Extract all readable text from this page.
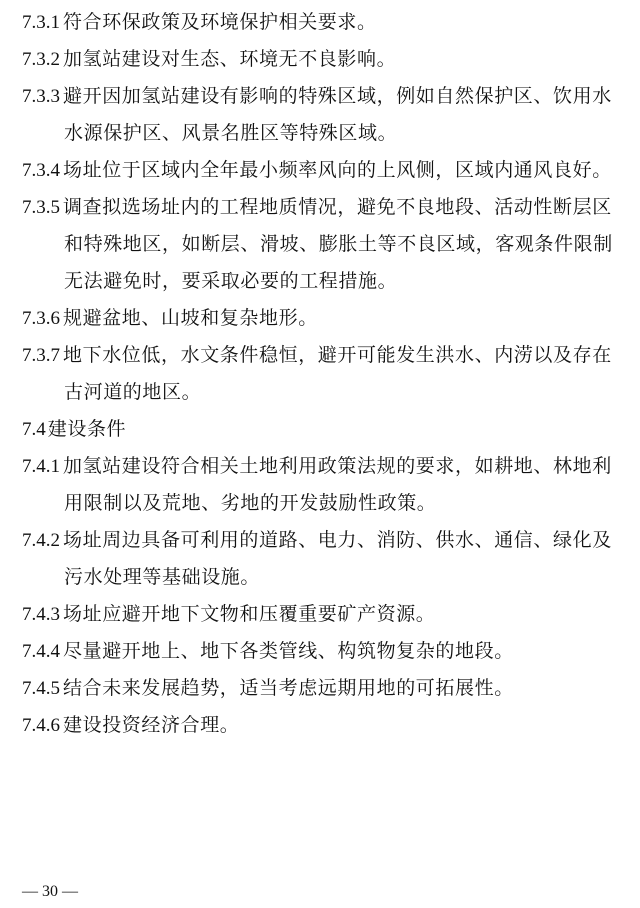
7.3.1 符合环保政策及环境保护相关要求。

7.3.2 加氢站建设对生态、环境无不良影响。

7.3.3 避开因加氢站建设有影响的特殊区域，例如自然保护区、饮用水水源保护区、风景名胜区等特殊区域。

7.3.4 场址位于区域内全年最小频率风向的上风侧，区域内通风良好。

7.3.5 调查拟选场址内的工程地质情况，避免不良地段、活动性断层区和特殊地区，如断层、滑坡、膨胀土等不良区域，客观条件限制无法避免时，要采取必要的工程措施。

7.3.6 规避盆地、山坡和复杂地形。

7.3.7 地下水位低，水文条件稳恒，避开可能发生洪水、内涝以及存在古河道的地区。

7.4 建设条件

7.4.1 加氢站建设符合相关土地利用政策法规的要求，如耕地、林地利用限制以及荒地、劣地的开发鼓励性政策。

7.4.2 场址周边具备可利用的道路、电力、消防、供水、通信、绿化及污水处理等基础设施。

7.4.3 场址应避开地下文物和压覆重要矿产资源。

7.4.4 尽量避开地上、地下各类管线、构筑物复杂的地段。

7.4.5 结合未来发展趋势，适当考虑远期用地的可拓展性。

7.4.6 建设投资经济合理。

— 30 —
